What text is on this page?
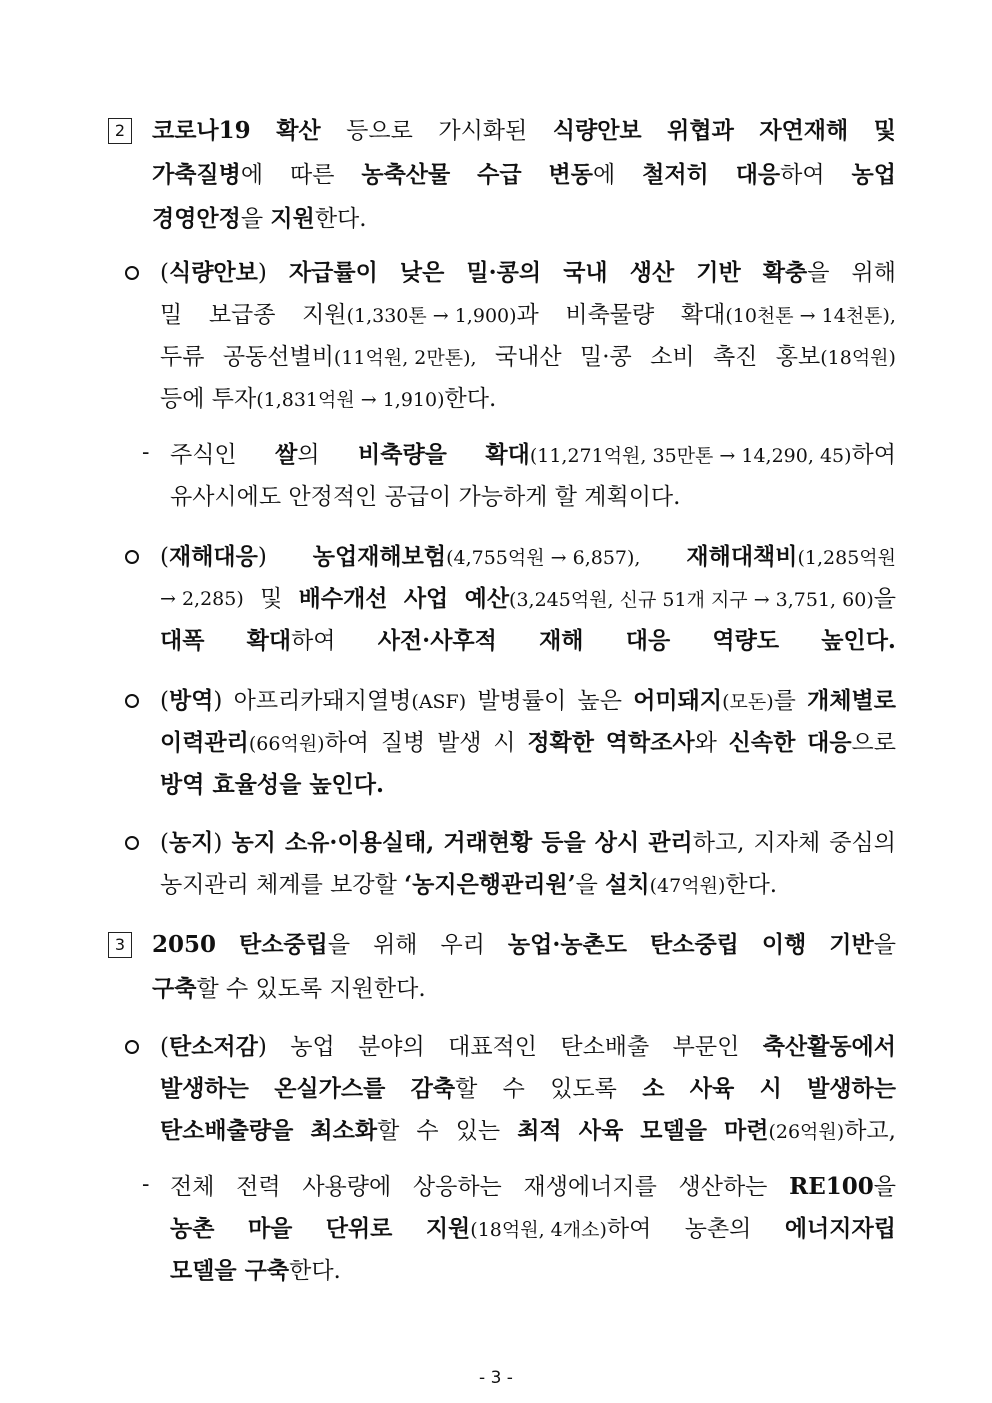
2	코로나19 확산 등으로 가시화된 식량안보 위협과 자연재해 및
가축질병에 따른 농축산물 수급 변동에 철저히 대응하여 농업
경영안정을 지원한다.
(식량안보) 자급률이 낮은 밀·콩의 국내 생산 기반 확충을 위해
밀 보급종 지원(1,330톤 → 1,900)과 비축물량 확대(10천톤 → 14천톤),
두류 공동선별비(11억원, 2만톤), 국내산 밀·콩 소비 촉진 홍보(18억원)
등에 투자(1,831억원 → 1,910)한다.
- 주식인 쌀의 비축량을 확대(11,271억원, 35만톤 → 14,290, 45)하여
유사시에도 안정적인 공급이 가능하게 할 계획이다.
(재해대응) 농업재해보험(4,755억원 → 6,857), 재해대책비(1,285억원
→ 2,285) 및 배수개선 사업 예산(3,245억원, 신규 51개 지구 → 3,751, 60)을
대폭 확대하여 사전·사후적 재해 대응 역량도 높인다.
(방역) 아프리카돼지열병(ASF) 발병률이 높은 어미돼지(모돈)를 개체별로
이력관리(66억원)하여 질병 발생 시 정확한 역학조사와 신속한 대응으로
방역 효율성을 높인다.
(농지) 농지 소유·이용실태, 거래현황 등을 상시 관리하고, 지자체 중심의
농지관리 체계를 보강할 ‘농지은행관리원’을 설치(47억원)한다.
3	2050 탄소중립을 위해 우리 농업·농촌도 탄소중립 이행 기반을
구축할 수 있도록 지원한다.
(탄소저감) 농업 분야의 대표적인 탄소배출 부문인 축산활동에서
발생하는 온실가스를 감축할 수 있도록 소 사육 시 발생하는
탄소배출량을 최소화할 수 있는 최적 사육 모델을 마련(26억원)하고,
- 전체 전력 사용량에 상응하는 재생에너지를 생산하는 RE100을
농촌 마을 단위로 지원(18억원, 4개소)하여 농촌의 에너지자립
모델을 구축한다.
- 3 -
